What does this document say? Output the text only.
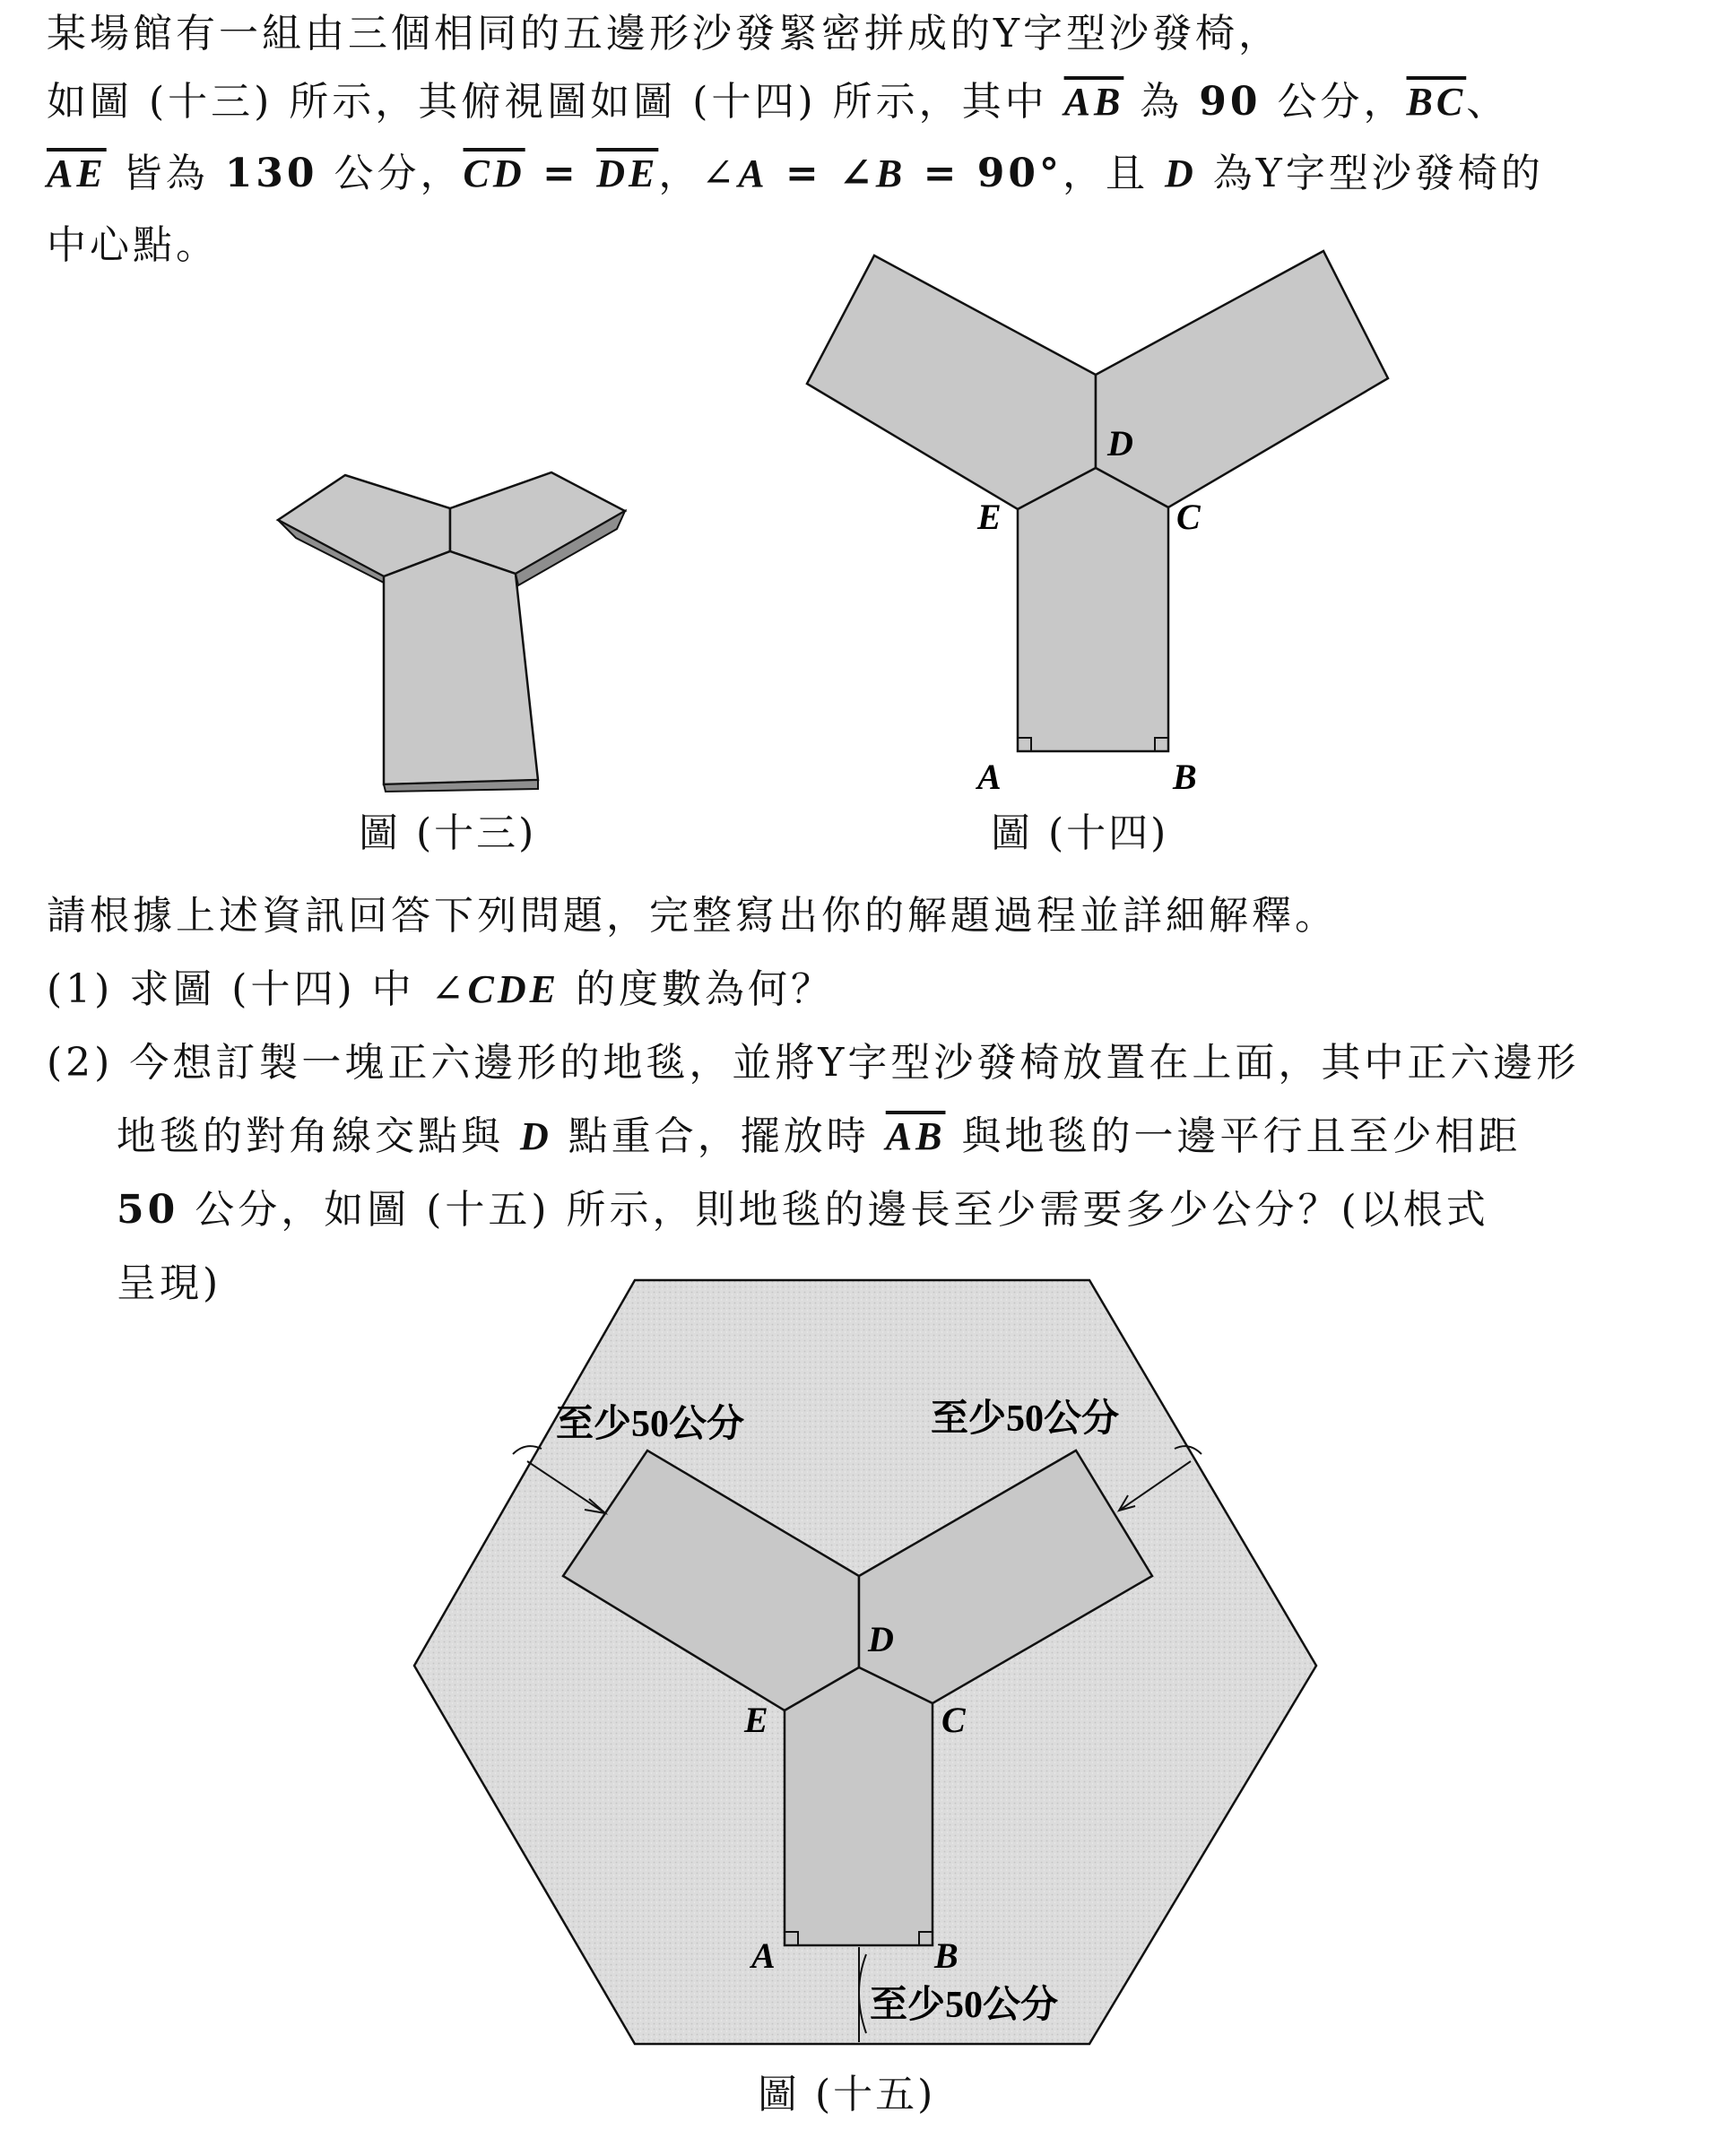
某場館有一組由三個相同的五邊形沙發緊密拼成的Y字型沙發椅，
如圖 (十三) 所示，其俯視圖如圖 (十四) 所示，其中 $\overline{AB}$ 為 90 公分，$\overline{BC}$、
$\overline{AE}$ 皆為 130 公分，$\overline{CD} = \overline{DE}$，∠A = ∠B = 90°，且 D 為Y字型沙發椅的
中心點。
圖 (十三)
D
E	C
A	B
圖 (十四)
請根據上述資訊回答下列問題，完整寫出你的解題過程並詳細解釋。
(1) 求圖 (十四) 中 ∠CDE 的度數為何？
(2) 今想訂製一塊正六邊形的地毯，並將Y字型沙發椅放置在上面，其中正六邊形
地毯的對角線交點與 D 點重合，擺放時 $\overline{AB}$ 與地毯的一邊平行且至少相距
50 公分，如圖 (十五) 所示，則地毯的邊長至少需要多少公分？(以根式
呈現)
至少50公分	至少50公分
至少50公分
D
E	C
A	B
圖 (十五)
